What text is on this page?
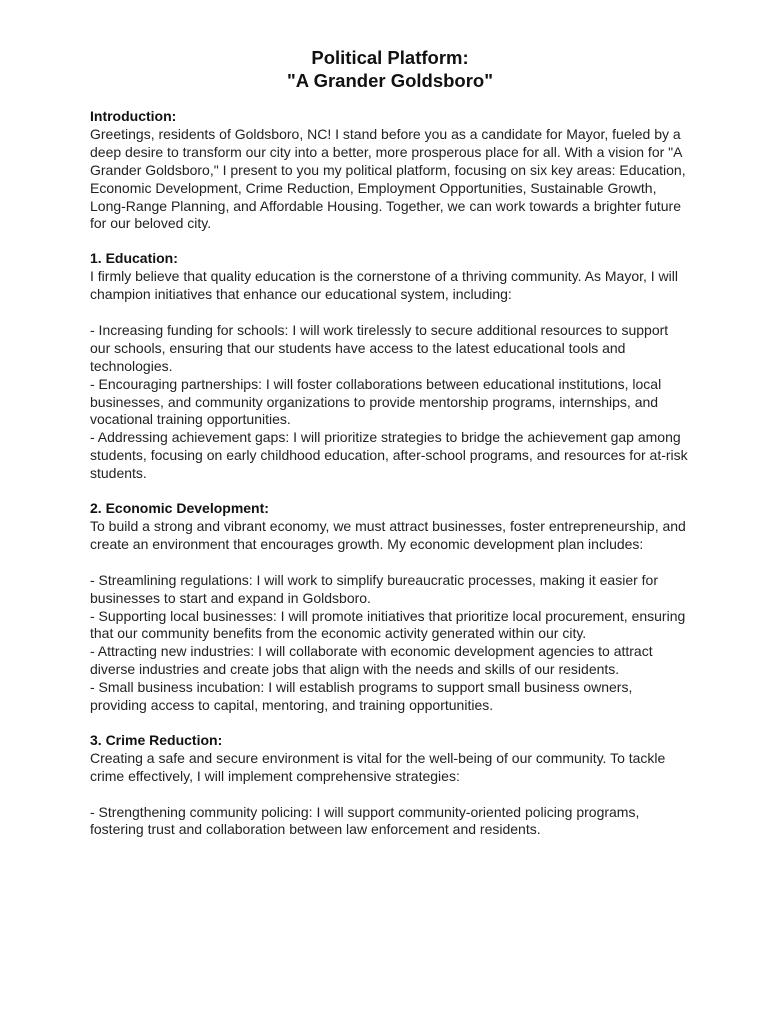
Political Platform:
"A Grander Goldsboro"

Introduction:

Greetings, residents of Goldsboro, NC! I stand before you as a candidate for Mayor, fueled by a deep desire to transform our city into a better, more prosperous place for all. With a vision for "A Grander Goldsboro," I present to you my political platform, focusing on six key areas: Education, Economic Development, Crime Reduction, Employment Opportunities, Sustainable Growth, Long-Range Planning, and Affordable Housing. Together, we can work towards a brighter future for our beloved city.

1. Education:

I firmly believe that quality education is the cornerstone of a thriving community. As Mayor, I will champion initiatives that enhance our educational system, including:

- Increasing funding for schools: I will work tirelessly to secure additional resources to support our schools, ensuring that our students have access to the latest educational tools and technologies.
- Encouraging partnerships: I will foster collaborations between educational institutions, local businesses, and community organizations to provide mentorship programs, internships, and vocational training opportunities.
- Addressing achievement gaps: I will prioritize strategies to bridge the achievement gap among students, focusing on early childhood education, after-school programs, and resources for at-risk students.

2. Economic Development:

To build a strong and vibrant economy, we must attract businesses, foster entrepreneurship, and create an environment that encourages growth. My economic development plan includes:

- Streamlining regulations: I will work to simplify bureaucratic processes, making it easier for businesses to start and expand in Goldsboro.
- Supporting local businesses: I will promote initiatives that prioritize local procurement, ensuring that our community benefits from the economic activity generated within our city.
- Attracting new industries: I will collaborate with economic development agencies to attract diverse industries and create jobs that align with the needs and skills of our residents.
- Small business incubation: I will establish programs to support small business owners, providing access to capital, mentoring, and training opportunities.

3. Crime Reduction:

Creating a safe and secure environment is vital for the well-being of our community. To tackle crime effectively, I will implement comprehensive strategies:

- Strengthening community policing: I will support community-oriented policing programs, fostering trust and collaboration between law enforcement and residents.
